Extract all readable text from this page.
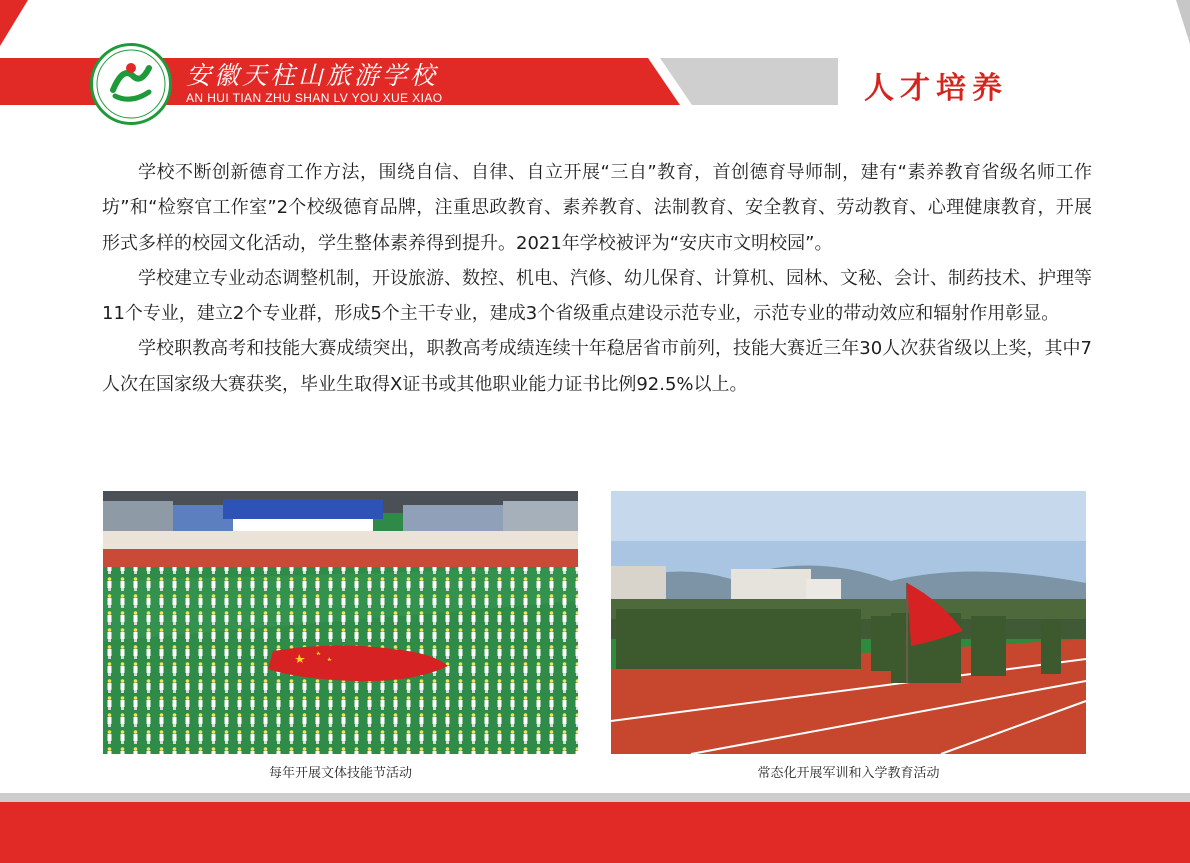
安徽天柱山旅游学校
AN HUI TIAN ZHU SHAN LV YOU XUE XIAO	人才培养

学校不断创新德育工作方法，围绕自信、自律、自立开展“三自”教育，首创德育导师制，建有“素养教育省级名师工作坊”和“检察官工作室”2个校级德育品牌，注重思政教育、素养教育、法制教育、安全教育、劳动教育、心理健康教育，开展形式多样的校园文化活动，学生整体素养得到提升。2021年学校被评为“安庆市文明校园”。

学校建立专业动态调整机制，开设旅游、数控、机电、汽修、幼儿保育、计算机、园林、文秘、会计、制药技术、护理等11个专业，建立2个专业群，形成5个主干专业，建成3个省级重点建设示范专业，示范专业的带动效应和辐射作用彰显。

学校职教高考和技能大赛成绩突出，职教高考成绩连续十年稳居省市前列，技能大赛近三年30人次获省级以上奖，其中7人次在国家级大赛获奖，毕业生取得X证书或其他职业能力证书比例92.5%以上。

每年开展文体技能节活动	常态化开展军训和入学教育活动
